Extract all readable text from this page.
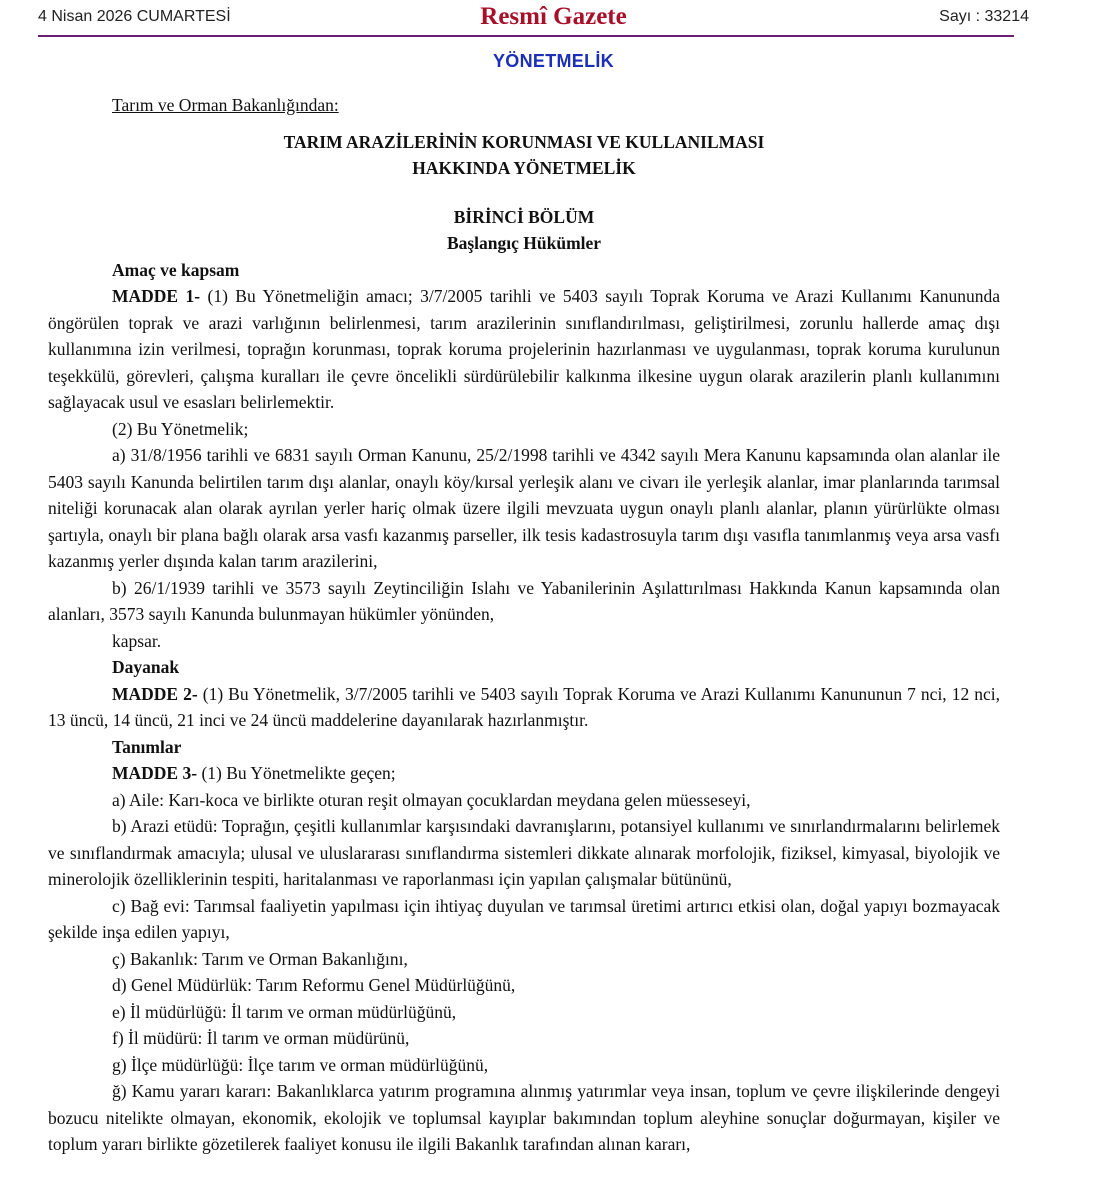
4 Nisan 2026 CUMARTESİ	Resmî Gazete	Sayı : 33214
YÖNETMELİK
Tarım ve Orman Bakanlığından:
TARIM ARAZİLERİNİN KORUNMASI VE KULLANILMASI
HAKKINDA YÖNETMELİK
BİRİNCİ BÖLÜM
Başlangıç Hükümler
Amaç ve kapsam

MADDE 1- (1) Bu Yönetmeliğin amacı; 3/7/2005 tarihli ve 5403 sayılı Toprak Koruma ve Arazi Kullanımı Kanununda öngörülen toprak ve arazi varlığının belirlenmesi, tarım arazilerinin sınıflandırılması, geliştirilmesi, zorunlu hallerde amaç dışı kullanımına izin verilmesi, toprağın korunması, toprak koruma projelerinin hazırlanması ve uygulanması, toprak koruma kurulunun teşekkülü, görevleri, çalışma kuralları ile çevre öncelikli sürdürülebilir kalkınma ilkesine uygun olarak arazilerin planlı kullanımını sağlayacak usul ve esasları belirlemektir.

(2) Bu Yönetmelik;

a) 31/8/1956 tarihli ve 6831 sayılı Orman Kanunu, 25/2/1998 tarihli ve 4342 sayılı Mera Kanunu kapsamında olan alanlar ile 5403 sayılı Kanunda belirtilen tarım dışı alanlar, onaylı köy/kırsal yerleşik alanı ve civarı ile yerleşik alanlar, imar planlarında tarımsal niteliği korunacak alan olarak ayrılan yerler hariç olmak üzere ilgili mevzuata uygun onaylı planlı alanlar, planın yürürlükte olması şartıyla, onaylı bir plana bağlı olarak arsa vasfı kazanmış parseller, ilk tesis kadastrosuyla tarım dışı vasıfla tanımlanmış veya arsa vasfı kazanmış yerler dışında kalan tarım arazilerini,

b) 26/1/1939 tarihli ve 3573 sayılı Zeytinciliğin Islahı ve Yabanilerinin Aşılattırılması Hakkında Kanun kapsamında olan alanları, 3573 sayılı Kanunda bulunmayan hükümler yönünden,

kapsar.

Dayanak

MADDE 2- (1) Bu Yönetmelik, 3/7/2005 tarihli ve 5403 sayılı Toprak Koruma ve Arazi Kullanımı Kanununun 7 nci, 12 nci, 13 üncü, 14 üncü, 21 inci ve 24 üncü maddelerine dayanılarak hazırlanmıştır.

Tanımlar

MADDE 3- (1) Bu Yönetmelikte geçen;

a) Aile: Karı-koca ve birlikte oturan reşit olmayan çocuklardan meydana gelen müesseseyi,

b) Arazi etüdü: Toprağın, çeşitli kullanımlar karşısındaki davranışlarını, potansiyel kullanımı ve sınırlandırmalarını belirlemek ve sınıflandırmak amacıyla; ulusal ve uluslararası sınıflandırma sistemleri dikkate alınarak morfolojik, fiziksel, kimyasal, biyolojik ve minerolojik özelliklerinin tespiti, haritalanması ve raporlanması için yapılan çalışmalar bütününü,

c) Bağ evi: Tarımsal faaliyetin yapılması için ihtiyaç duyulan ve tarımsal üretimi artırıcı etkisi olan, doğal yapıyı bozmayacak şekilde inşa edilen yapıyı,

ç) Bakanlık: Tarım ve Orman Bakanlığını,

d) Genel Müdürlük: Tarım Reformu Genel Müdürlüğünü,

e) İl müdürlüğü: İl tarım ve orman müdürlüğünü,

f) İl müdürü: İl tarım ve orman müdürünü,

g) İlçe müdürlüğü: İlçe tarım ve orman müdürlüğünü,

ğ) Kamu yararı kararı: Bakanlıklarca yatırım programına alınmış yatırımlar veya insan, toplum ve çevre ilişkilerinde dengeyi bozucu nitelikte olmayan, ekonomik, ekolojik ve toplumsal kayıplar bakımından toplum aleyhine sonuçlar doğurmayan, kişiler ve toplum yararı birlikte gözetilerek faaliyet konusu ile ilgili Bakanlık tarafından alınan kararı,
